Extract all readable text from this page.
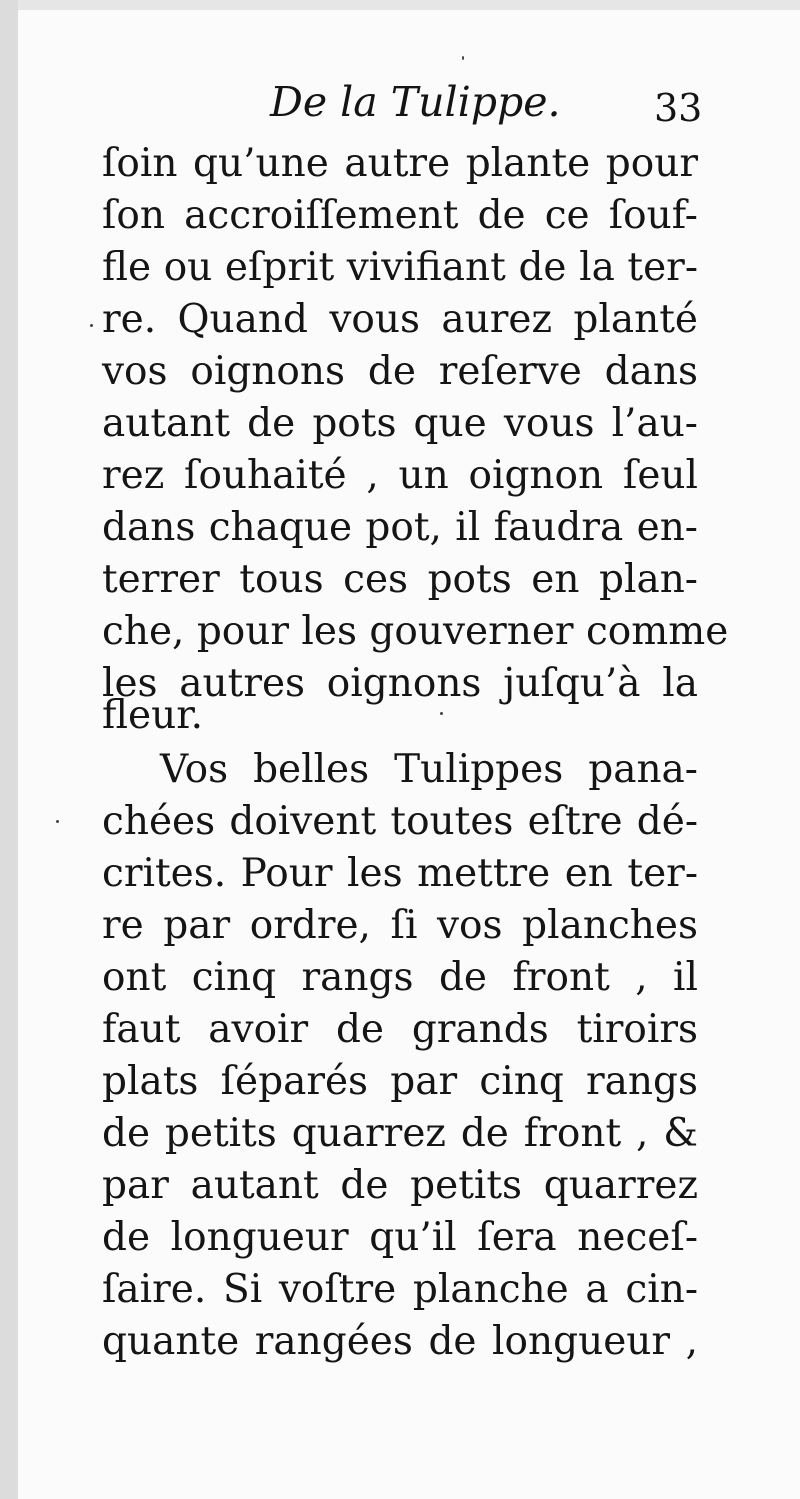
De la Tulippe. 33
ſoin qu’une autre plante pour
ſon accroiſſement de ce ſouf-
fle ou eſprit vivifiant de la ter-
re. Quand vous aurez planté
vos oignons de reſerve dans
autant de pots que vous l’au-
rez ſouhaité , un oignon ſeul
dans chaque pot, il faudra en-
terrer tous ces pots en plan-
che, pour les gouverner comme
les autres oignons juſqu’à la
fleur.
Vos belles Tulippes pana-
chées doivent toutes eſtre dé-
crites. Pour les mettre en ter-
re par ordre, ſi vos planches
ont cinq rangs de front , il
faut avoir de grands tiroirs
plats ſéparés par cinq rangs
de petits quarrez de front , &
par autant de petits quarrez
de longueur qu’il ſera neceſ-
ſaire. Si voſtre planche a cin-
quante rangées de longueur ,
